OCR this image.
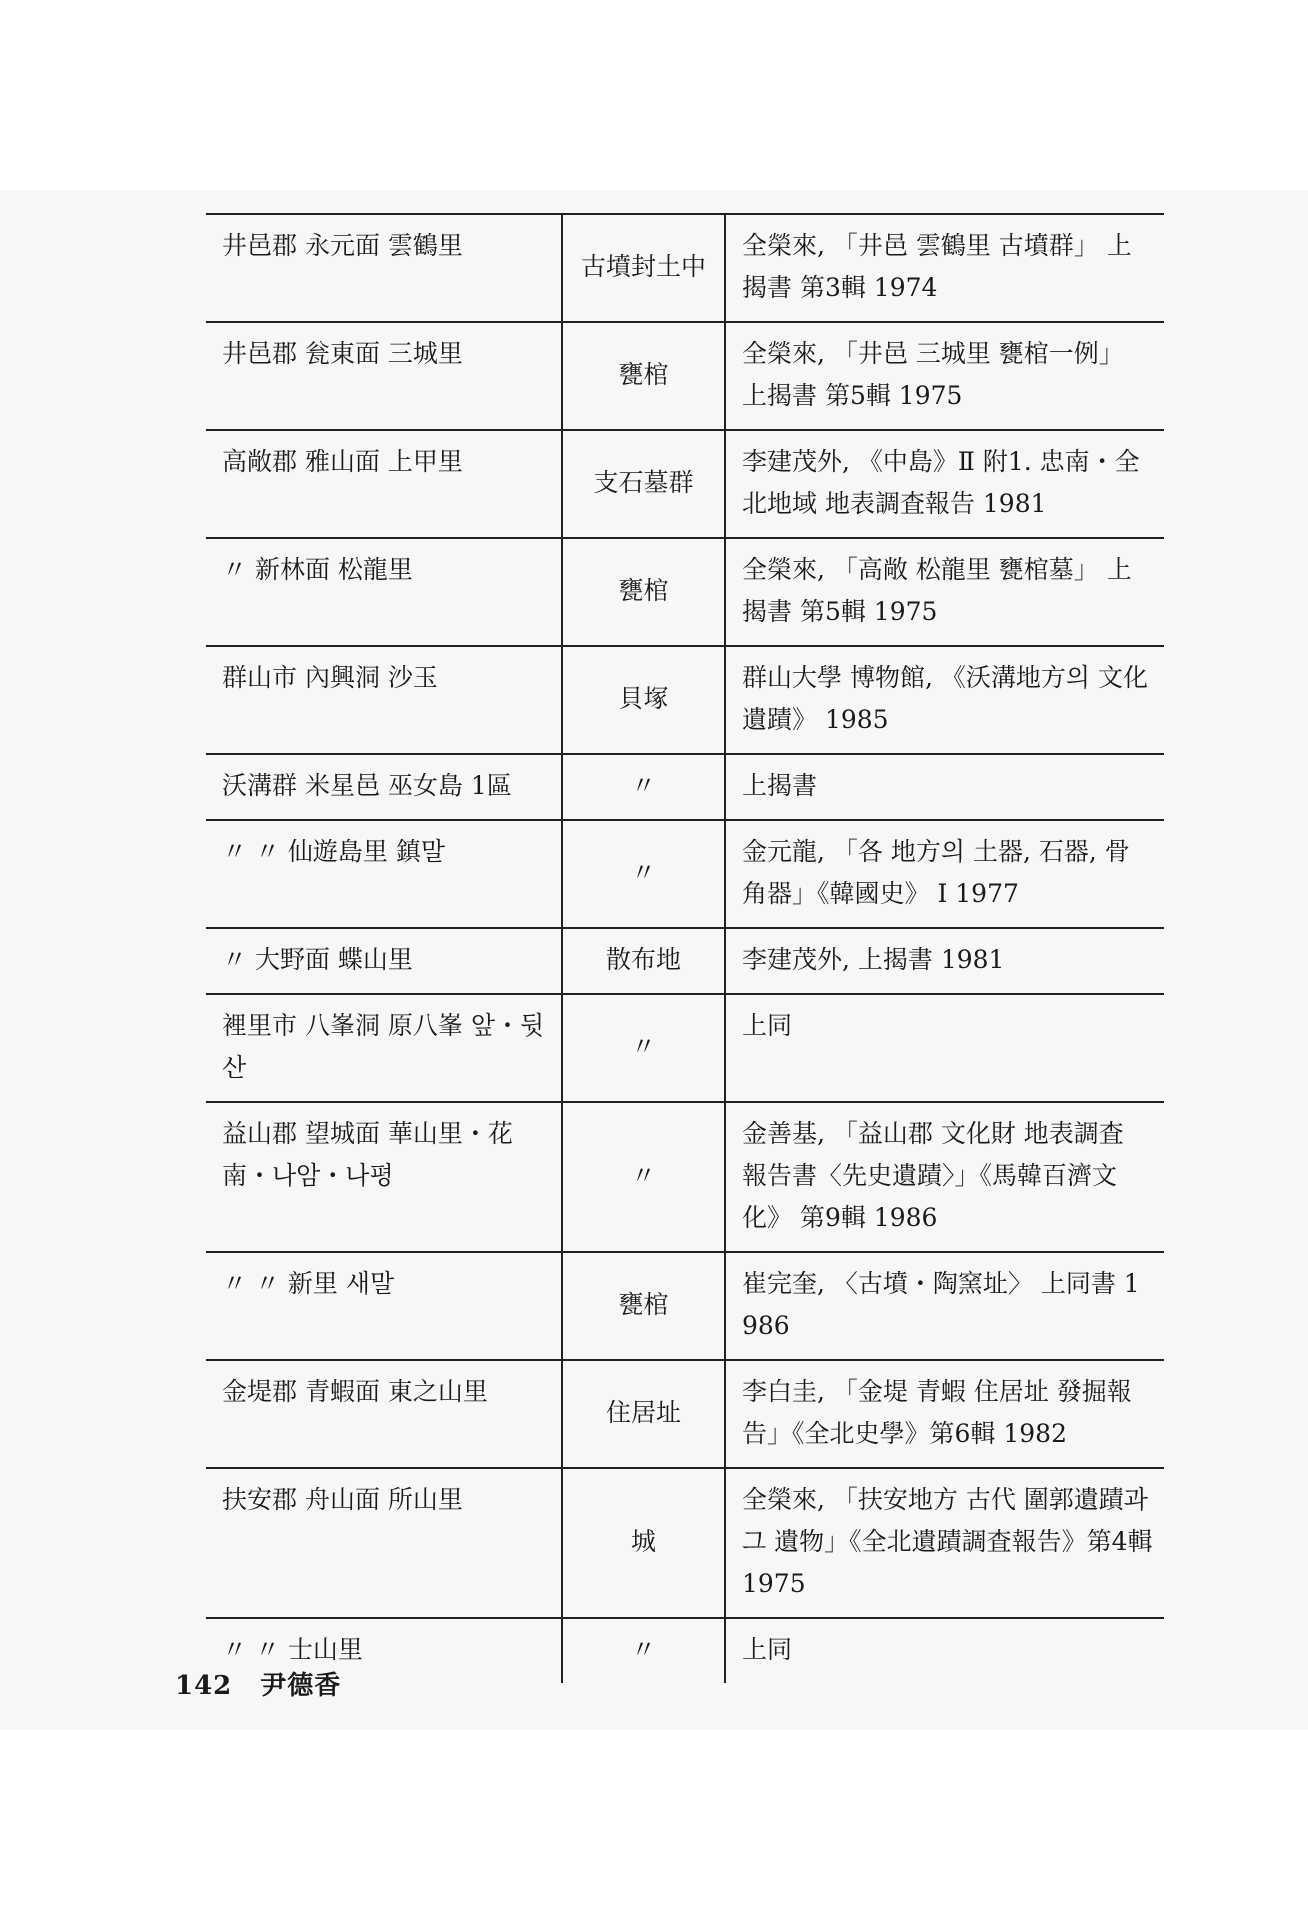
井邑郡 永元面 雲鶴里	古墳封土中	全榮來, 「井邑 雲鶴里 古墳群」 上揭書 第3輯 1974
井邑郡 瓮東面 三城里	甕棺	全榮來, 「井邑 三城里 甕棺一例」 上揭書 第5輯 1975
高敞郡 雅山面 上甲里	支石墓群	李建茂外, 《中島》Ⅱ 附1. 忠南・全北地域 地表調査報告 1981
〃 新林面 松龍里	甕棺	全榮來, 「高敞 松龍里 甕棺墓」 上揭書 第5輯 1975
群山市 內興洞 沙玉	貝塚	群山大學 博物館, 《沃溝地方의 文化遺蹟》 1985
沃溝群 米星邑 巫女島 1區	〃	上揭書
〃 〃 仙遊島里 鎮말	〃	金元龍, 「各 地方의 土器, 石器, 骨角器」《韓國史》 Ⅰ 1977
〃 大野面 蝶山里	散布地	李建茂外, 上揭書 1981
裡里市 八峯洞 原八峯 앞・뒷산	〃	上同
益山郡 望城面 華山里・花南・나암・나평	〃	金善基, 「益山郡 文化財 地表調査 報告書〈先史遺蹟〉」《馬韓百濟文化》 第9輯 1986
〃 〃 新里 새말	甕棺	崔完奎, 〈古墳・陶窯址〉 上同書 1986
金堤郡 青蝦面 東之山里	住居址	李白圭, 「金堤 青蝦 住居址 發掘報告」《全北史學》第6輯 1982
扶安郡 舟山面 所山里	城	全榮來, 「扶安地方 古代 圍郭遺蹟과 그 遺物」《全北遺蹟調査報告》第4輯 1975
〃 〃 士山里	〃	上同
142 尹德香
